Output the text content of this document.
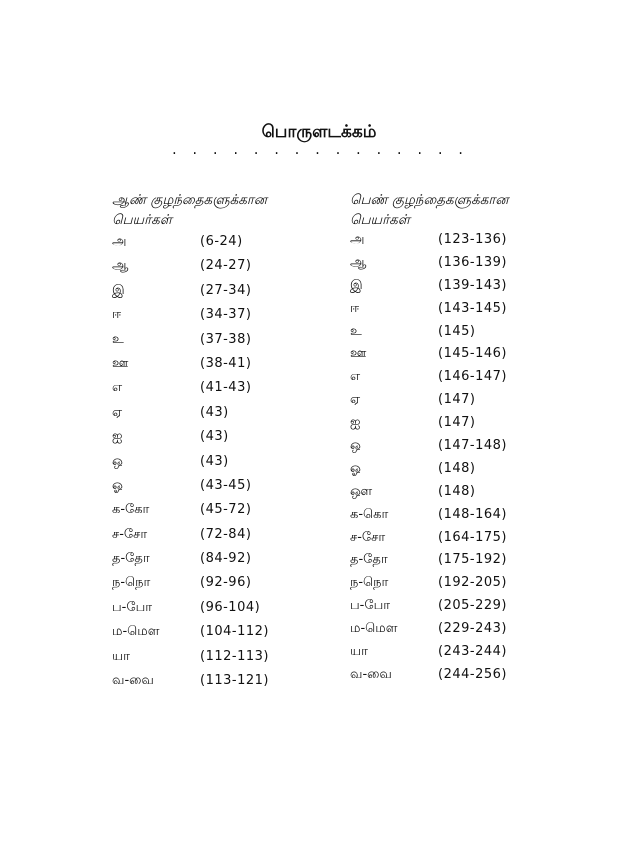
பொருளடக்கம்
. . . . . . . . . . . . . . .
ஆண் குழந்தைகளுக்கான
பெயர்கள்
அ	(6-24)
ஆ	(24-27)
இ	(27-34)
ஈ	(34-37)
உ	(37-38)
ஊ	(38-41)
எ	(41-43)
ஏ	(43)
ஐ	(43)
ஒ	(43)
ஓ	(43-45)
க-கோ	(45-72)
ச-சோ	(72-84)
த-தோ	(84-92)
ந-நொ	(92-96)
ப-போ	(96-104)
ம-மௌ	(104-112)
யா	(112-113)
வ-வை	(113-121)
பெண் குழந்தைகளுக்கான
பெயர்கள்
அ	(123-136)
ஆ	(136-139)
இ	(139-143)
ஈ	(143-145)
உ	(145)
ஊ	(145-146)
எ	(146-147)
ஏ	(147)
ஐ	(147)
ஒ	(147-148)
ஓ	(148)
ஔ	(148)
க-கொ	(148-164)
ச-சோ	(164-175)
த-தோ	(175-192)
ந-நொ	(192-205)
ப-போ	(205-229)
ம-மௌ	(229-243)
யா	(243-244)
வ-வை	(244-256)
